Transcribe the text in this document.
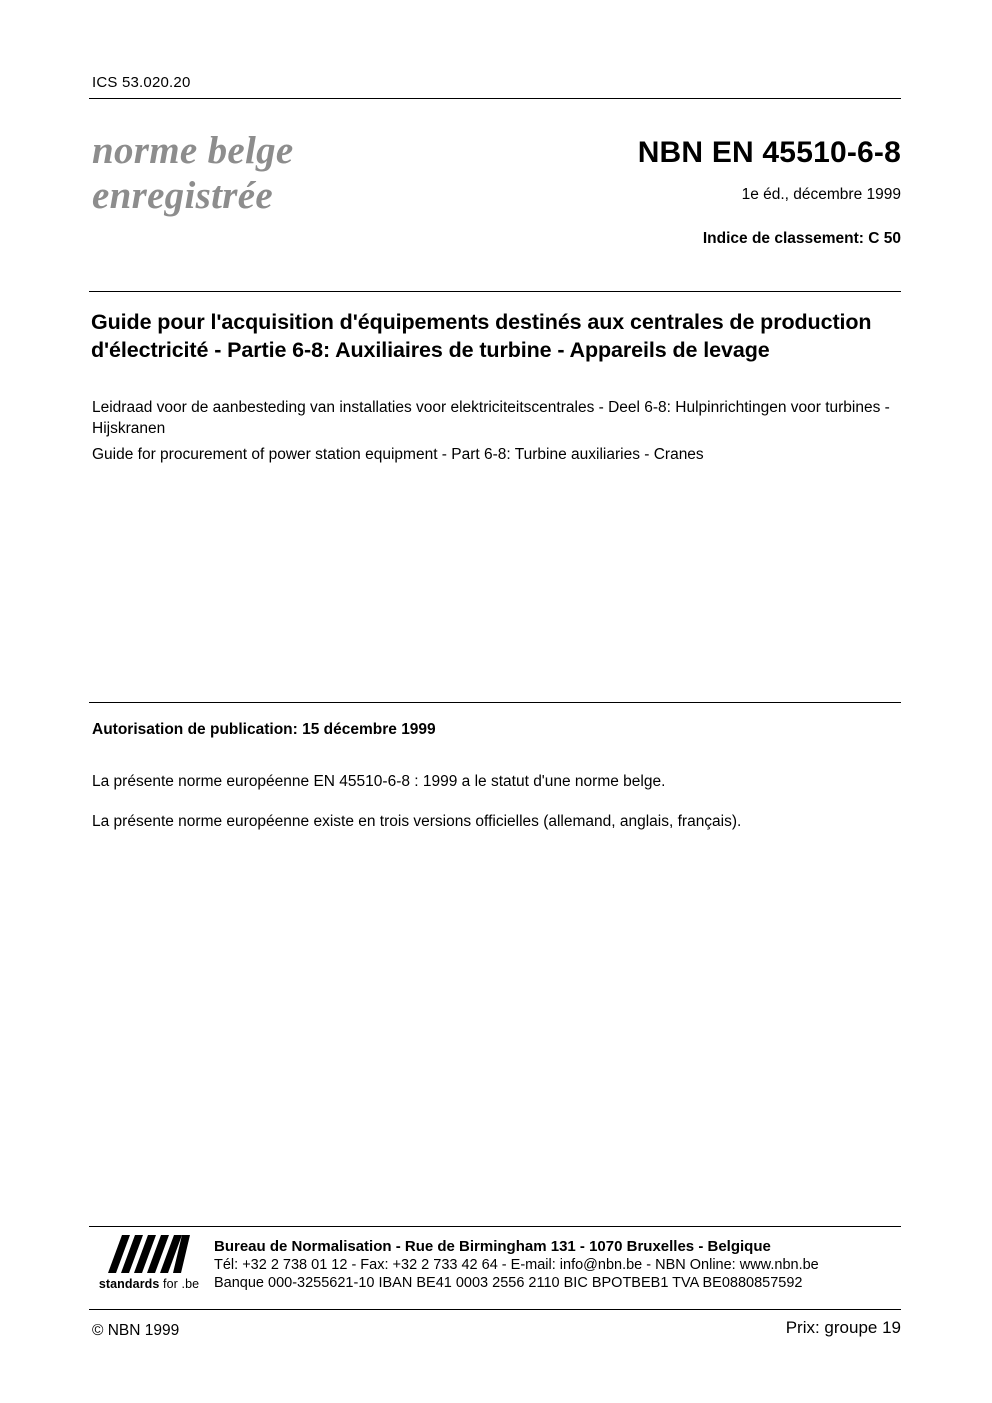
ICS 53.020.20
norme belge
enregistrée
NBN EN 45510-6-8
1e éd., décembre 1999
Indice de classement: C 50
Guide pour l'acquisition d'équipements destinés aux centrales de production d'électricité - Partie 6-8: Auxiliaires de turbine - Appareils de levage
Leidraad voor de aanbesteding van installaties voor elektriciteitscentrales - Deel 6-8: Hulpinrichtingen voor turbines - Hijskranen
Guide for procurement of power station equipment - Part 6-8: Turbine auxiliaries - Cranes
Autorisation de publication: 15 décembre 1999
La présente norme européenne EN 45510-6-8 : 1999 a le statut d'une norme belge.
La présente norme européenne existe en trois versions officielles (allemand, anglais, français).
standards for .be
Bureau de Normalisation - Rue de Birmingham 131 - 1070 Bruxelles - Belgique
Tél: +32 2 738 01 12 - Fax: +32 2 733 42 64 - E-mail: info@nbn.be - NBN Online: www.nbn.be
Banque 000-3255621-10 IBAN BE41 0003 2556 2110 BIC BPOTBEB1 TVA BE0880857592
© NBN 1999	Prix: groupe 19
